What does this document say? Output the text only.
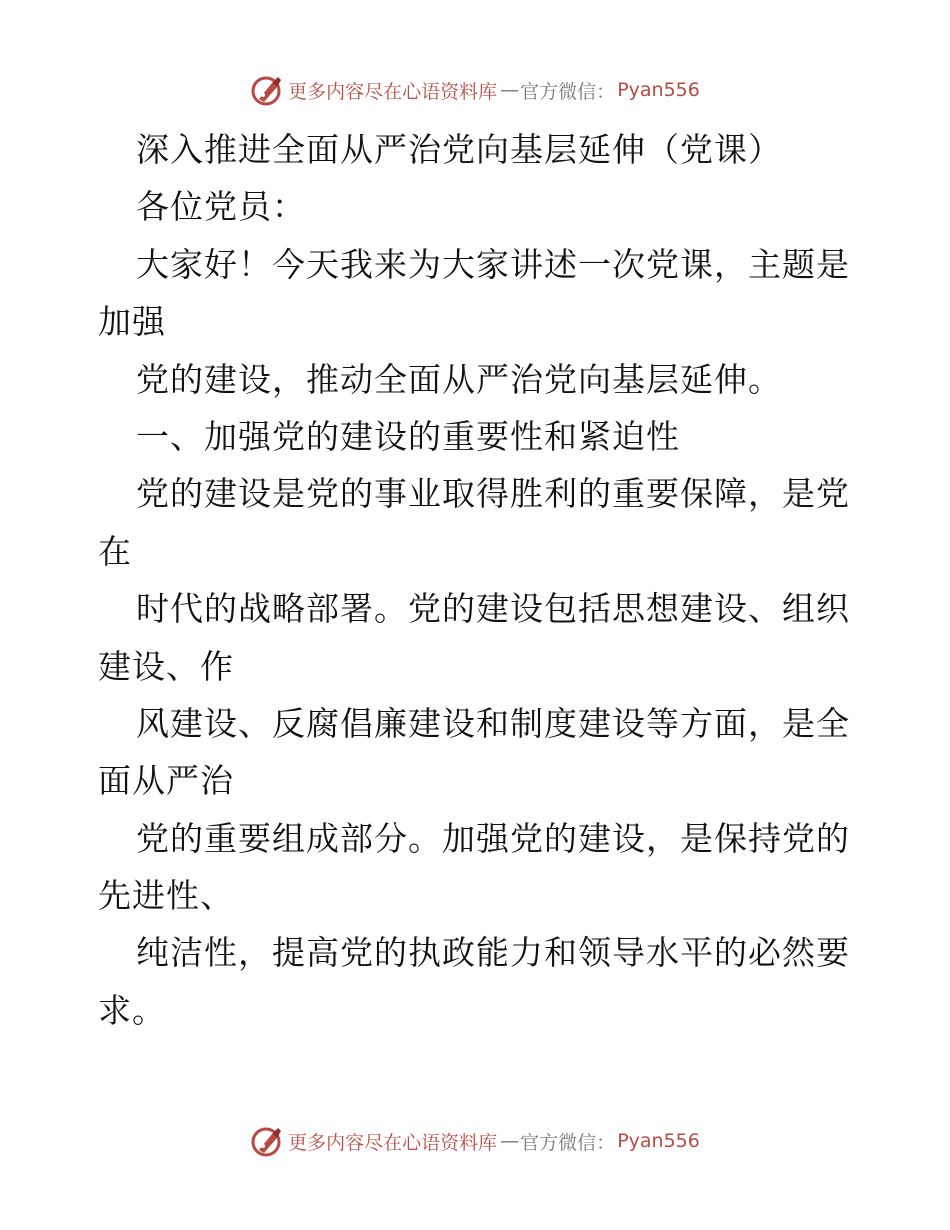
更多内容尽在心语资料库 — 官方微信： Pyan556
深入推进全面从严治党向基层延伸（党课）
各位党员：
大家好！今天我来为大家讲述一次党课，主题是
加强
党的建设，推动全面从严治党向基层延伸。
一、加强党的建设的重要性和紧迫性
党的建设是党的事业取得胜利的重要保障，是党
在
时代的战略部署。党的建设包括思想建设、组织
建设、作
风建设、反腐倡廉建设和制度建设等方面，是全
面从严治
党的重要组成部分。加强党的建设，是保持党的
先进性、
纯洁性，提高党的执政能力和领导水平的必然要
求。
更多内容尽在心语资料库 — 官方微信： Pyan556
